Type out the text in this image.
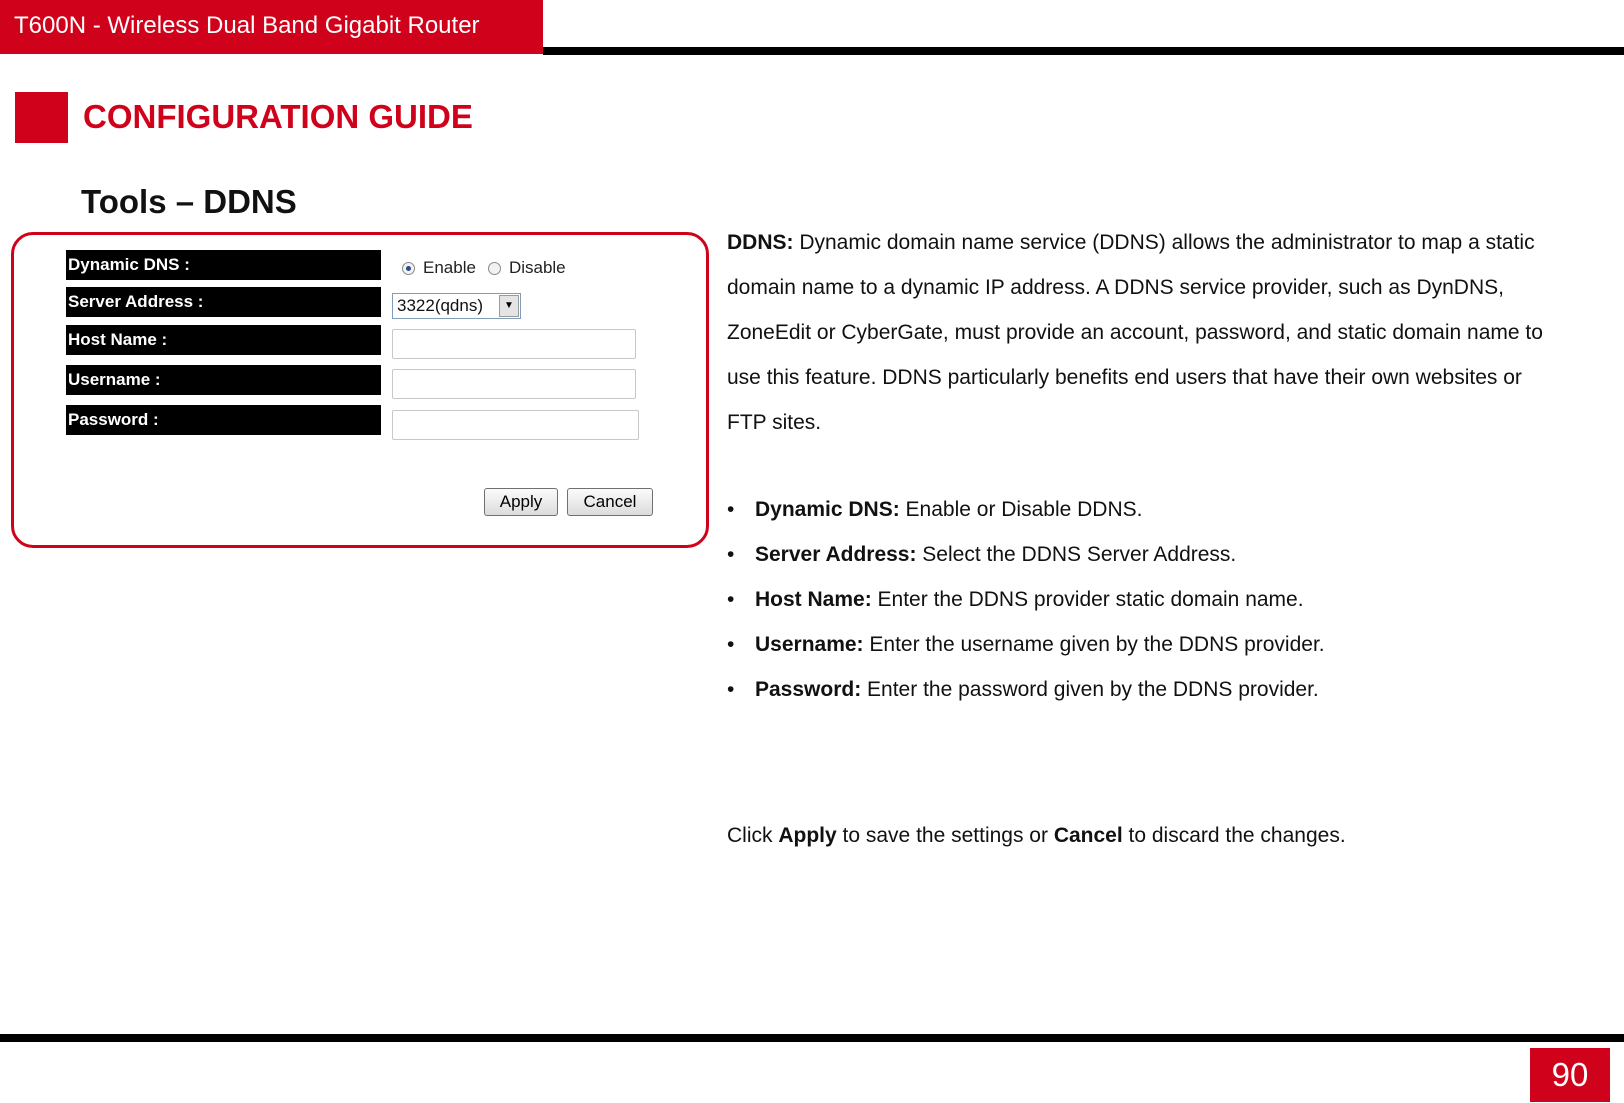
T600N - Wireless Dual Band Gigabit Router
CONFIGURATION GUIDE
Tools – DDNS
Dynamic DNS :
Server Address :
Host Name :
Username :
Password :
Enable Disable
3322(qdns)	▼
Apply	Cancel

DDNS: Dynamic domain name service (DDNS) allows the administrator to map a static domain name to a dynamic IP address. A DDNS service provider, such as DynDNS, ZoneEdit or CyberGate, must provide an account, password, and static domain name to use this feature. DDNS particularly benefits end users that have their own websites or FTP sites.

• Dynamic DNS: Enable or Disable DDNS.
• Server Address: Select the DDNS Server Address.
• Host Name: Enter the DDNS provider static domain name.
• Username: Enter the username given by the DDNS provider.
• Password: Enter the password given by the DDNS provider.
Click Apply to save the settings or Cancel to discard the changes.
90
